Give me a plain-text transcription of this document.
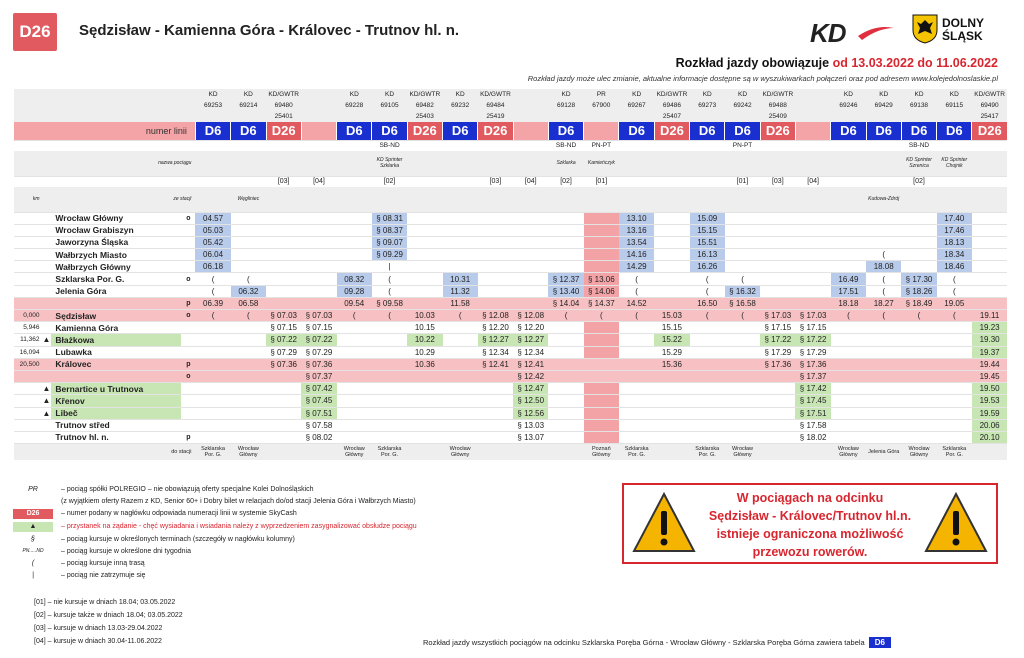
D26	Sędzisław - Kamienna Góra - Královec - Trutnov hl. n.	KD	DOLNY
ŚLĄSK
Rozkład jazdy obowiązuje od 13.03.2022 do 11.06.2022
Rozkład jazdy może ulec zmianie, aktualne informacje dostępne są w wyszukiwarkach połączeń oraz pod adresem www.kolejedolnoslaskie.pl
				KD	KD	KD/GWTR		KD	KD	KD/GWTR	KD	KD/GWTR		KD	PR	KD	KD/GWTR	KD	KD	KD/GWTR		KD	KD	KD	KD	KD/GWTR
				69253	69214	69480		69228	69105	69482	69232	69484		69128	67900	69267	69486	69273	69242	69488		69246	69429	69138	69115	69490
						25401				25403		25419					25407			25409						25417
numer linii				D6	D6	D26		D6	D6	D26	D6	D26		D6		D6	D26	D6	D6	D26		D6	D6	D6	D6	D26
									SB-ND					SB-ND	PN-PT				PN-PT					SB-ND		
nazwa pociągu									KD Sprinter Szklarka					Szklarka	Kamieńczyk									KD Sprinter Szrenica	KD Sprinter Chojnik	
						[03]	[04]		[02]			[03]	[04]	[02]	[01]				[01]	[03]	[04]			[02]		
km	ze stacji				Węgliniec																		Kudowa-Zdrój			
		Wrocław Główny	o	04.57					§ 08.31							13.10		15.09							17.40	
		Wrocław Grabiszyn		05.03					§ 08.37							13.16		15.15							17.46	
		Jaworzyna Śląska		05.42					§ 09.07							13.54		15.51							18.13	
		Wałbrzych Miasto		06.04					§ 09.29							14.16		16.13					(		18.34	
		Wałbrzych Główny		06.18					|							14.29		16.26					18.08		18.46	
		Szklarska Por. G.	o	(	(			08.32	(		10.31			§ 12.37	§ 13.06	(		(	(			16.49	(	§ 17.30	(	
		Jelenia Góra		(	06.32			09.28	(		11.32			§ 13.40	§ 14.06	(		(	§ 16.32			17.51	(	§ 18.26	(	
			p	06.39	06.58			09.54	§ 09.58		11.58			§ 14.04	§ 14.37	14.52		16.50	§ 16.58			18.18	18.27	§ 18.49	19.05	
0,000		Sędzisław	o	(	(	§ 07.03	§ 07.03	(	(	10.03	(	§ 12.08	§ 12.08	(	(	(	15.03	(	(	§ 17.03	§ 17.03	(	(	(	(	19.11
5,946		Kamienna Góra				§ 07.15	§ 07.15			10.15		§ 12.20	§ 12.20				15.15			§ 17.15	§ 17.15					19.23
11,362	▲	Błażkowa				§ 07.22	§ 07.22			10.22		§ 12.27	§ 12.27				15.22			§ 17.22	§ 17.22					19.30
16,094		Lubawka				§ 07.29	§ 07.29			10.29		§ 12.34	§ 12.34				15.29			§ 17.29	§ 17.29					19.37
20,500		Královec	p			§ 07.36	§ 07.36			10.36		§ 12.41	§ 12.41				15.36			§ 17.36	§ 17.36					19.44
			o				§ 07.37						§ 12.42								§ 17.37					19.45
	▲	Bernartice u Trutnova					§ 07.42						§ 12.47								§ 17.42					19.50
	▲	Křenov					§ 07.45						§ 12.50								§ 17.45					19.53
	▲	Libeč					§ 07.51						§ 12.56								§ 17.51					19.59
		Trutnov střed					§ 07.58						§ 13.03								§ 17.58					20.06
		Trutnov hl. n.	p				§ 08.02						§ 13.07								§ 18.02					20.10
do stacji				Szklarska Por. G.	Wrocław Główny			Wrocław Główny	Szklarska Por. G.		Wrocław Główny				Poznań Główny	Szklarska Por. G.		Szklarska Por. G.	Wrocław Główny			Wrocław Główny	Jelenia Góra	Wrocław Główny	Szklarska Por. G.	
PR	– pociąg spółki POLREGIO – nie obowiązują oferty specjalne Kolei Dolnośląskich
(z wyjątkiem oferty Razem z KD, Senior 60+ i Dobry bilet w relacjach do/od stacji Jelenia Góra i Wałbrzych Miasto)
D26	– numer podany w nagłówku odpowiada numeracji linii w systemie SkyCash
▲	– przystanek na żądanie - chęć wysiadania i wsiadania należy z wyprzedzeniem zasygnalizować obsłudze pociągu
§	– pociąg kursuje w określonych terminach (szczegóły w nagłówku kolumny)
PN.....ND	– pociąg kursuje w określone dni tygodnia
(	– pociąg kursuje inną trasą
|	– pociąg nie zatrzymuje się
[01] – nie kursuje w dniach 18.04; 03.05.2022
[02] – kursuje także w dniach 18.04; 03.05.2022
[03] – kursuje w dniach 13.03-29.04.2022
[04] – kursuje w dniach 30.04-11.06.2022
W pociągach na odcinku
Sędzisław - Královec/Trutnov hl.n.
istnieje ograniczona możliwość
przewozu rowerów.
Rozkład jazdy wszystkich pociągów na odcinku Szklarska Poręba Górna - Wrocław Główny - Szklarska Poręba Górna zawiera tabela D6
